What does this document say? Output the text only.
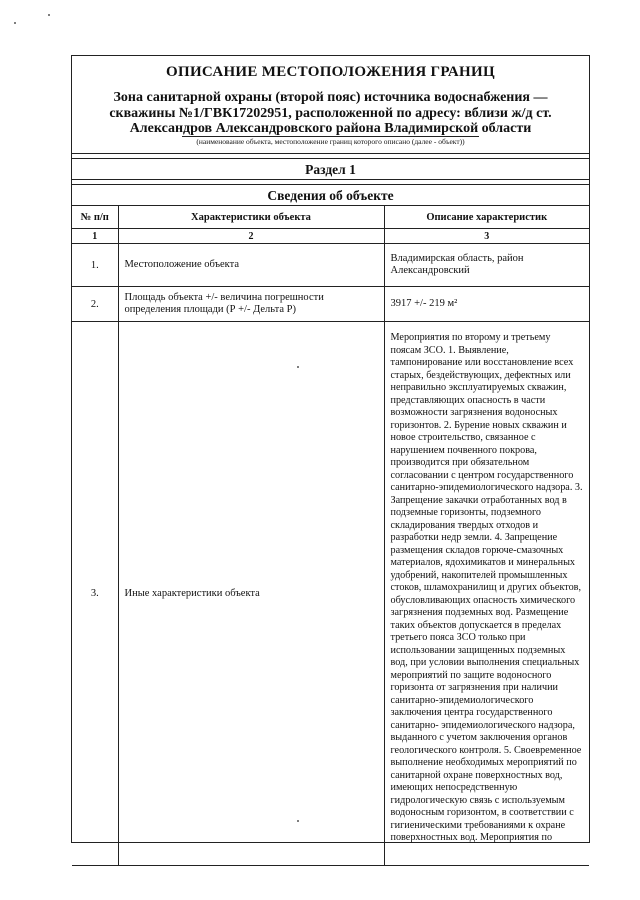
ОПИСАНИЕ МЕСТОПОЛОЖЕНИЯ ГРАНИЦ
Зона санитарной охраны (второй пояс) источника водоснабжения — скважины №1/ГВК17202951, расположенной по адресу: вблизи ж/д ст. Александров Александровского района Владимирской области
(наименование объекта, местоположение границ которого описано (далее - объект))
Раздел 1
Сведения об объекте
№ п/п	Характеристики объекта	Описание характеристик
1	2	3
1.	Местоположение объекта	Владимирская область, район Александровский
2.	Площадь объекта +/- величина погрешности определения площади (Р +/- Дельта Р)	3917 +/- 219 м²
3.	Иные характеристики объекта	Мероприятия по второму и третьему поясам ЗСО. 1. Выявление, тампонирование или восстановление всех старых, бездействующих, дефектных или неправильно эксплуатируемых скважин, представляющих опасность в части возможности загрязнения водоносных горизонтов. 2. Бурение новых скважин и новое строительство, связанное с нарушением почвенного покрова, производится при обязательном согласовании с центром государственного санитарно-эпидемиологического надзора. 3. Запрещение закачки отработанных вод в подземные горизонты, подземного складирования твердых отходов и разработки недр земли. 4. Запрещение размещения складов горюче-смазочных материалов, ядохимикатов и минеральных удобрений, накопителей промышленных стоков, шламохранилищ и других объектов, обусловливающих опасность химического загрязнения подземных вод. Размещение таких объектов допускается в пределах третьего пояса ЗСО только при использовании защищенных подземных вод, при условии выполнения специальных мероприятий по защите водоносного горизонта от загрязнения при наличии санитарно-эпидемиологического заключения центра государственного санитарно- эпидемиологического надзора, выданного с учетом заключения органов геологического контроля. 5. Своевременное выполнение необходимых мероприятий по санитарной охране поверхностных вод, имеющих непосредственную гидрологическую связь с используемым водоносным горизонтом, в соответствии с гигиеническими требованиями к охране поверхностных вод. Мероприятия по
